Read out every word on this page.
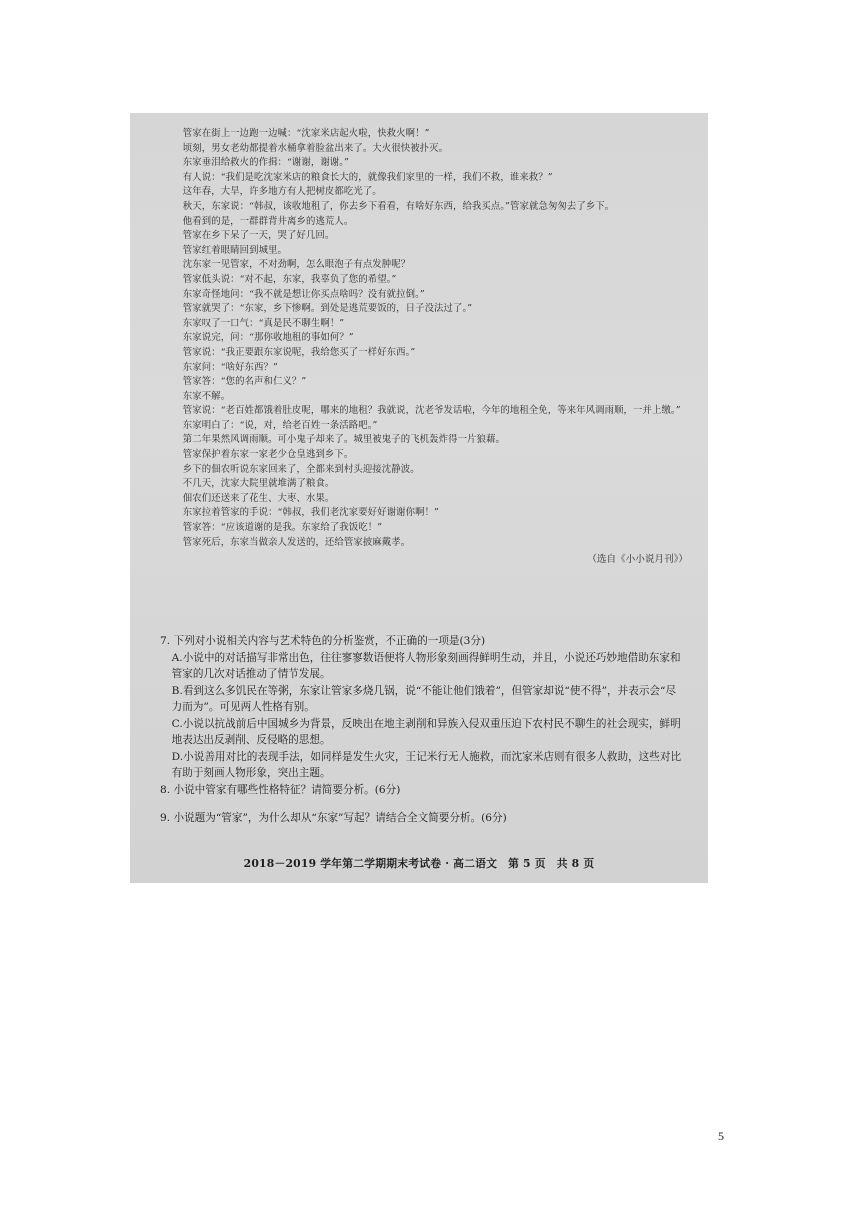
管家在街上一边跑一边喊：“沈家米店起火啦，快救火啊！”
顷刻，男女老幼都提着水桶拿着脸盆出来了。大火很快被扑灭。
东家垂泪给救火的作揖：“谢谢，谢谢。”
有人说：“我们是吃沈家米店的粮食长大的，就像我们家里的一样，我们不救，谁来救？”
这年春，大旱，许多地方有人把树皮都吃光了。
秋天，东家说：“韩叔，该收地租了，你去乡下看看，有啥好东西，给我买点。”管家就急匆匆去了乡下。
他看到的是，一群群背井离乡的逃荒人。
管家在乡下呆了一天，哭了好几回。
管家红着眼睛回到城里。
沈东家一见管家，不对劲啊，怎么眼泡子有点发肿呢？
管家低头说：“对不起，东家，我辜负了您的希望。”
东家奇怪地问：“我不就是想让你买点啥吗？没有就拉倒。”
管家就哭了：“东家，乡下惨啊。到处是逃荒要饭的，日子没法过了。”
东家叹了一口气：“真是民不聊生啊！”
东家说完，问：“那你收地租的事如何？”
管家说：“我正要跟东家说呢，我给您买了一样好东西。”
东家问：“啥好东西？”
管家答：“您的名声和仁义？”
东家不解。
管家说：“老百姓都饿着肚皮呢，哪来的地租？我就说，沈老爷发话啦，今年的地租全免，等来年风调雨顺，一并上缴。”
东家明白了：“说，对，给老百姓一条活路吧。”
第二年果然风调雨顺。可小鬼子却来了。城里被鬼子的飞机轰炸得一片狼藉。
管家保护着东家一家老少仓皇逃到乡下。
乡下的佃农听说东家回来了，全都来到村头迎接沈静波。
不几天，沈家大院里就堆满了粮食。
佃农们还送来了花生、大枣、水果。
东家拉着管家的手说：“韩叔，我们老沈家要好好谢谢你啊！”
管家答：“应该道谢的是我。东家给了我饭吃！”
管家死后，东家当做亲人发送的，还给管家披麻戴孝。
（选自《小小说月刊》）
7. 下列对小说相关内容与艺术特色的分析鉴赏，不正确的一项是(3分)
A.小说中的对话描写非常出色，往往寥寥数语便将人物形象刻画得鲜明生动，并且，小说还巧妙地借助东家和管家的几次对话推动了情节发展。
B.看到这么多饥民在等粥，东家让管家多烧几锅，说“不能让他们饿着”，但管家却说“使不得”，并表示会“尽力而为”。可见两人性格有别。
C.小说以抗战前后中国城乡为背景，反映出在地主剥削和异族入侵双重压迫下农村民不聊生的社会现实，鲜明地表达出反剥削、反侵略的思想。
D.小说善用对比的表现手法，如同样是发生火灾，王记米行无人施救，而沈家米店则有很多人救助，这些对比有助于刻画人物形象，突出主题。
8. 小说中管家有哪些性格特征？请简要分析。(6分)
9. 小说题为“管家”，为什么却从“东家”写起？请结合全文简要分析。(6分)
2018－2019 学年第二学期期末考试卷 · 高二语文　第 5 页　共 8 页
5
